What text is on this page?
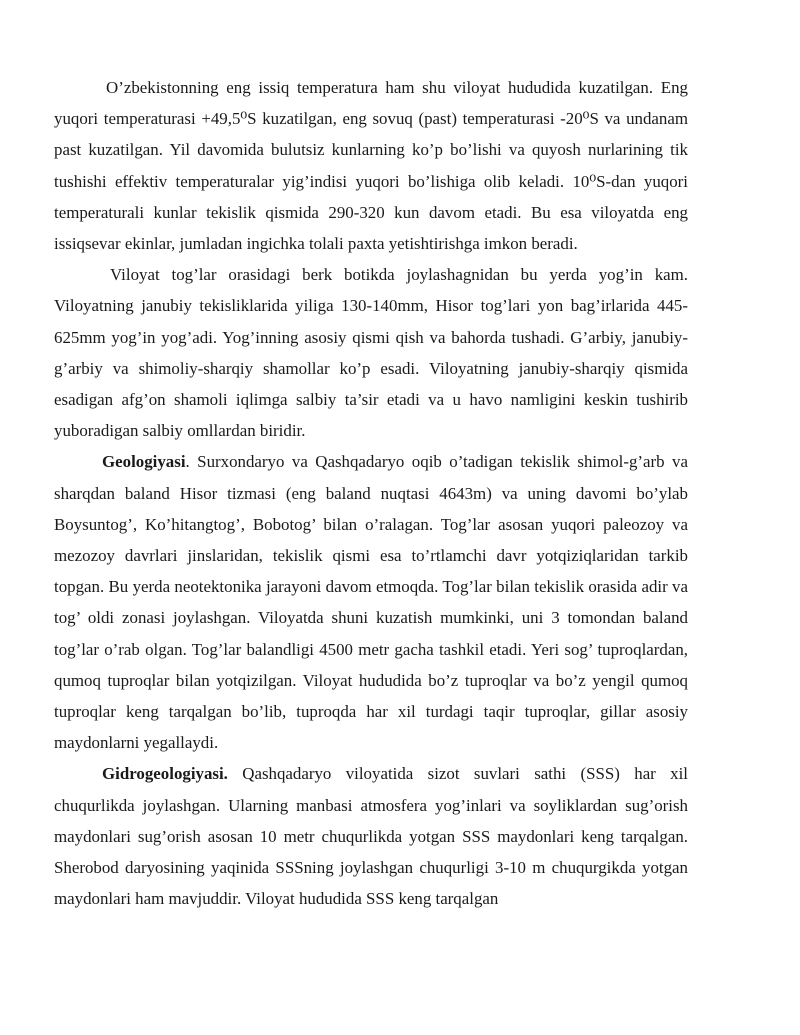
O’zbekistonning eng issiq temperatura ham shu viloyat hududida kuzatilgan. Eng yuqori temperaturasi +49,5⁰S kuzatilgan, eng sovuq (past) temperaturasi -20⁰S va undanam past kuzatilgan. Yil davomida bulutsiz kunlarning ko’p bo’lishi va quyosh nurlarining tik tushishi effektiv temperaturalar yig’indisi yuqori bo’lishiga olib keladi. 10⁰S-dan yuqori temperaturali kunlar tekislik qismida 290-320 kun davom etadi. Bu esa viloyatda eng issiqsevar ekinlar, jumladan ingichka tolali paxta yetishtirishga imkon beradi.

Viloyat tog’lar orasidagi berk botikda joylashagnidan bu yerda yog’in kam. Viloyatning janubiy tekisliklarida yiliga 130-140mm, Hisor tog’lari yon bag’irlarida 445-625mm yog’in yog’adi. Yog’inning asosiy qismi qish va bahorda tushadi. G’arbiy, janubiy-g’arbiy va shimoliy-sharqiy shamollar ko’p esadi. Viloyatning janubiy-sharqiy qismida esadigan afg’on shamoli iqlimga salbiy ta’sir etadi va u havo namligini keskin tushirib yuboradigan salbiy omllardan biridir.

Geologiyasi. Surxondaryo va Qashqadaryo oqib o’tadigan tekislik shimol-g’arb va sharqdan baland Hisor tizmasi (eng baland nuqtasi 4643m) va uning davomi bo’ylab Boysuntog’, Ko’hitangtog’, Bobotog’ bilan o’ralagan. Tog’lar asosan yuqori paleozoy va mezozoy davrlari jinslaridan, tekislik qismi esa to’rtlamchi davr yotqiziqlaridan tarkib topgan. Bu yerda neotektonika jarayoni davom etmoqda. Tog’lar bilan tekislik orasida adir va tog’ oldi zonasi joylashgan. Viloyatda shuni kuzatish mumkinki, uni 3 tomondan baland tog’lar o’rab olgan. Tog’lar balandligi 4500 metr gacha tashkil etadi. Yeri sog’ tuproqlardan, qumoq tuproqlar bilan yotqizilgan. Viloyat hududida bo’z tuproqlar va bo’z yengil qumoq tuproqlar keng tarqalgan bo’lib, tuproqda har xil turdagi taqir tuproqlar, gillar asosiy maydonlarni yegallaydi.

Gidrogeologiyasi. Qashqadaryo viloyatida sizot suvlari sathi (SSS) har xil chuqurlikda joylashgan. Ularning manbasi atmosfera yog’inlari va soyliklardan sug’orish maydonlari sug’orish asosan 10 metr chuqurlikda yotgan SSS maydonlari keng tarqalgan. Sherobod daryosining yaqinida SSSning joylashgan chuqurligi 3-10 m chuqurgikda yotgan maydonlari ham mavjuddir. Viloyat hududida SSS keng tarqalgan
